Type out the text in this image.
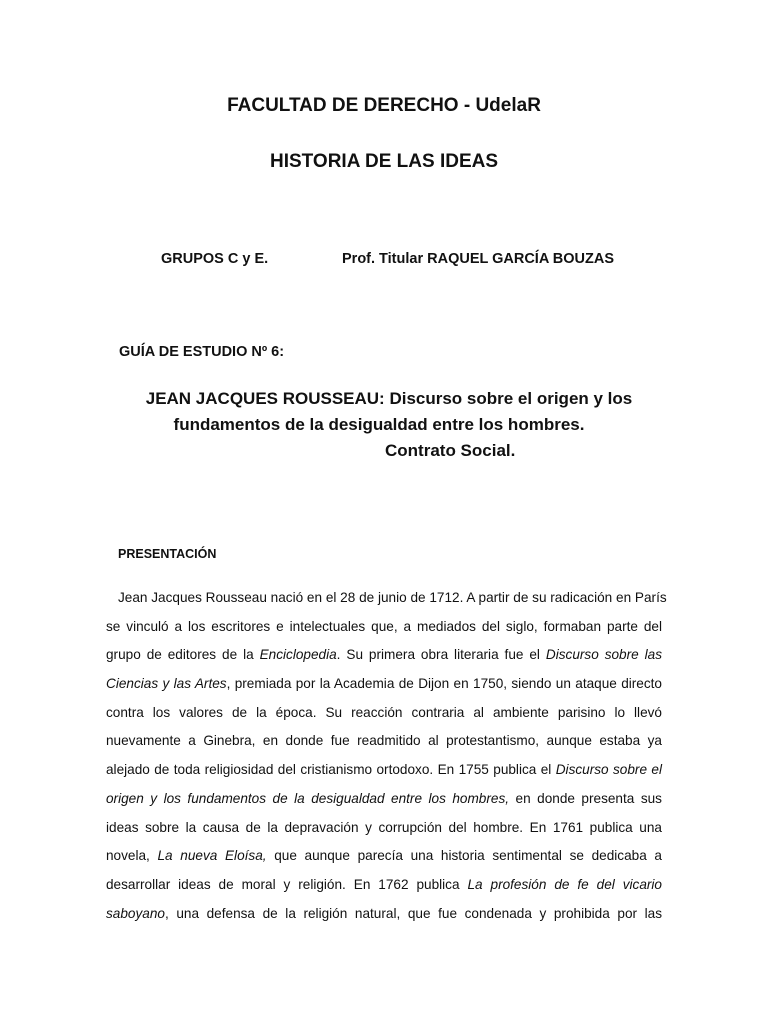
FACULTAD DE DERECHO - UdelaR
HISTORIA DE LAS IDEAS
GRUPOS C y E.	Prof. Titular RAQUEL GARCÍA BOUZAS
GUÍA DE ESTUDIO Nº 6:
JEAN JACQUES ROUSSEAU: Discurso sobre el origen y los
fundamentos de la desigualdad entre los hombres.
Contrato Social.
PRESENTACIÓN
Jean Jacques Rousseau nació en el 28 de junio de 1712. A partir de su radicación en París
se vinculó a los escritores e intelectuales que, a mediados del siglo, formaban parte del
grupo de editores de la Enciclopedia. Su primera obra literaria fue el Discurso sobre las
Ciencias y las Artes, premiada por la Academia de Dijon en 1750, siendo un ataque directo
contra los valores de la época. Su reacción contraria al ambiente parisino lo llevó
nuevamente a Ginebra, en donde fue readmitido al protestantismo, aunque estaba ya
alejado de toda religiosidad del cristianismo ortodoxo. En 1755 publica el Discurso sobre el
origen y los fundamentos de la desigualdad entre los hombres, en donde presenta sus
ideas sobre la causa de la depravación y corrupción del hombre. En 1761 publica una
novela, La nueva Eloísa, que aunque parecía una historia sentimental se dedicaba a
desarrollar ideas de moral y religión. En 1762 publica La profesión de fe del vicario
saboyano, una defensa de la religión natural, que fue condenada y prohibida por las
